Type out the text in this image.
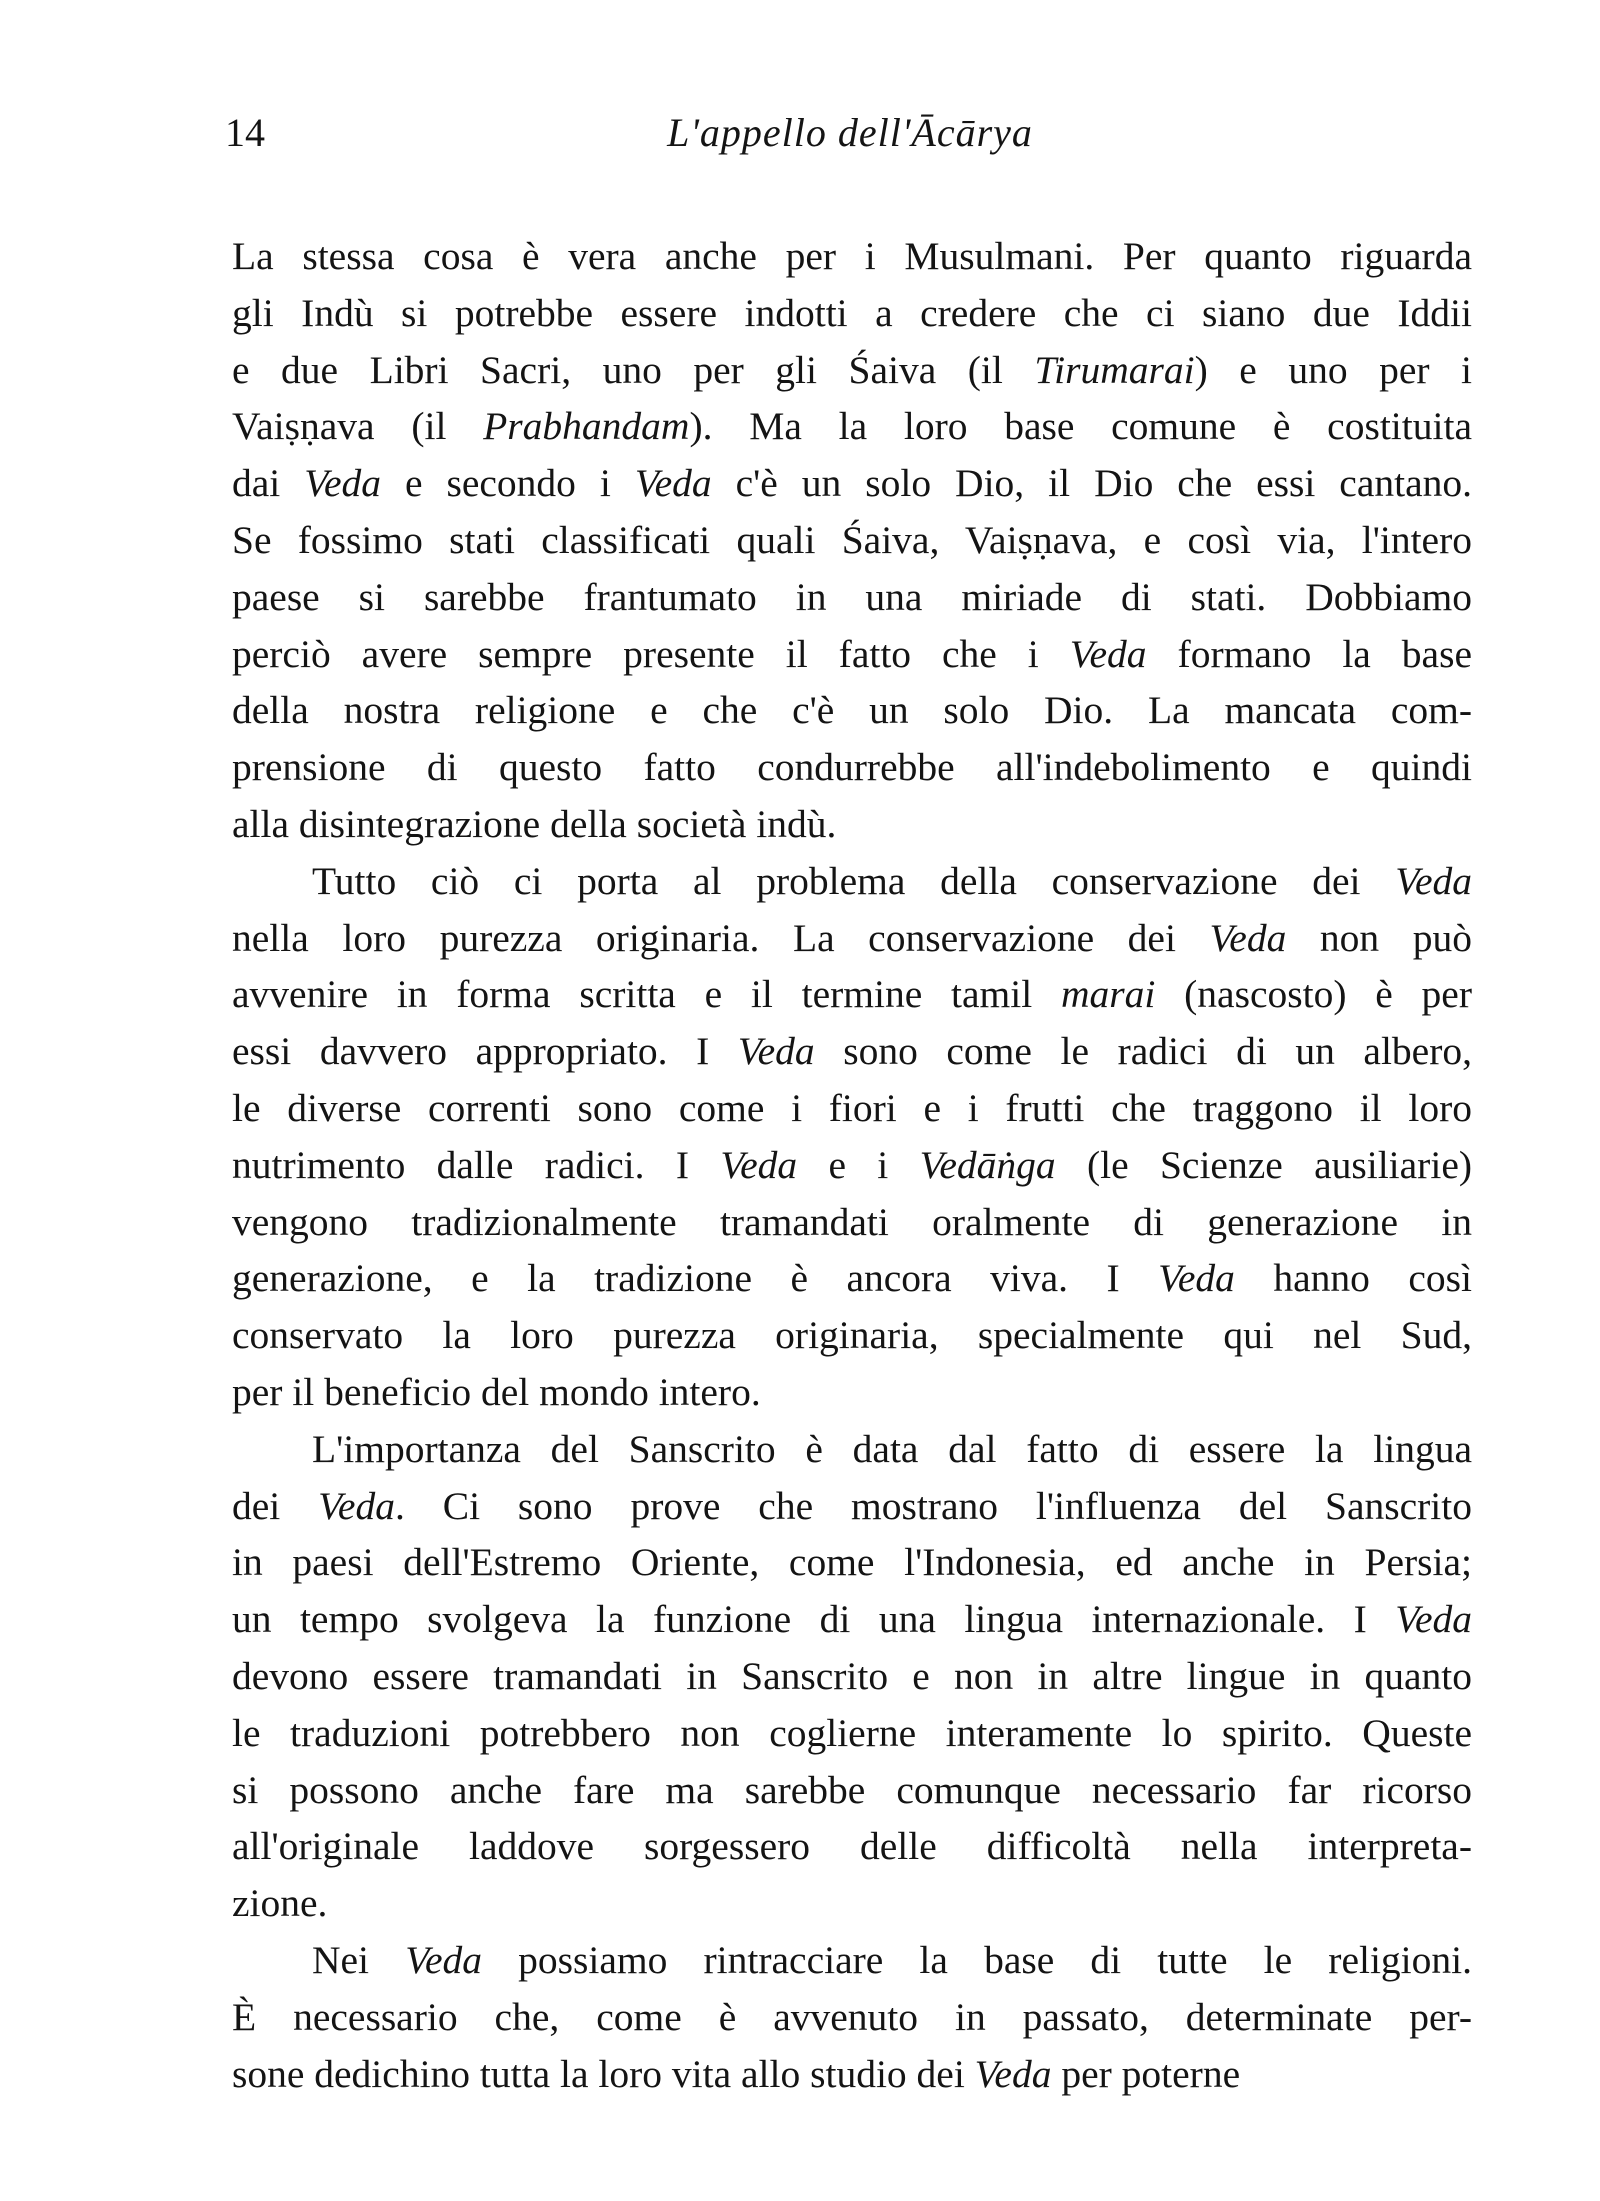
14	L'appello dell'Ācārya
La stessa cosa è vera anche per i Musulmani. Per quanto riguarda
gli Indù si potrebbe essere indotti a credere che ci siano due Iddii
e due Libri Sacri, uno per gli Śaiva (il Tirumarai) e uno per i
Vaiṣṇava (il Prabhandam). Ma la loro base comune è costituita
dai Veda e secondo i Veda c'è un solo Dio, il Dio che essi cantano.
Se fossimo stati classificati quali Śaiva, Vaiṣṇava, e così via, l'intero
paese si sarebbe frantumato in una miriade di stati. Dobbiamo
perciò avere sempre presente il fatto che i Veda formano la base
della nostra religione e che c'è un solo Dio. La mancata com-
prensione di questo fatto condurrebbe all'indebolimento e quindi
alla disintegrazione della società indù.
Tutto ciò ci porta al problema della conservazione dei Veda
nella loro purezza originaria. La conservazione dei Veda non può
avvenire in forma scritta e il termine tamil marai (nascosto) è per
essi davvero appropriato. I Veda sono come le radici di un albero,
le diverse correnti sono come i fiori e i frutti che traggono il loro
nutrimento dalle radici. I Veda e i Vedāṅga (le Scienze ausiliarie)
vengono tradizionalmente tramandati oralmente di generazione in
generazione, e la tradizione è ancora viva. I Veda hanno così
conservato la loro purezza originaria, specialmente qui nel Sud,
per il beneficio del mondo intero.
L'importanza del Sanscrito è data dal fatto di essere la lingua
dei Veda. Ci sono prove che mostrano l'influenza del Sanscrito
in paesi dell'Estremo Oriente, come l'Indonesia, ed anche in Persia;
un tempo svolgeva la funzione di una lingua internazionale. I Veda
devono essere tramandati in Sanscrito e non in altre lingue in quanto
le traduzioni potrebbero non coglierne interamente lo spirito. Queste
si possono anche fare ma sarebbe comunque necessario far ricorso
all'originale laddove sorgessero delle difficoltà nella interpreta-
zione.
Nei Veda possiamo rintracciare la base di tutte le religioni.
È necessario che, come è avvenuto in passato, determinate per-
sone dedichino tutta la loro vita allo studio dei Veda per poterne
